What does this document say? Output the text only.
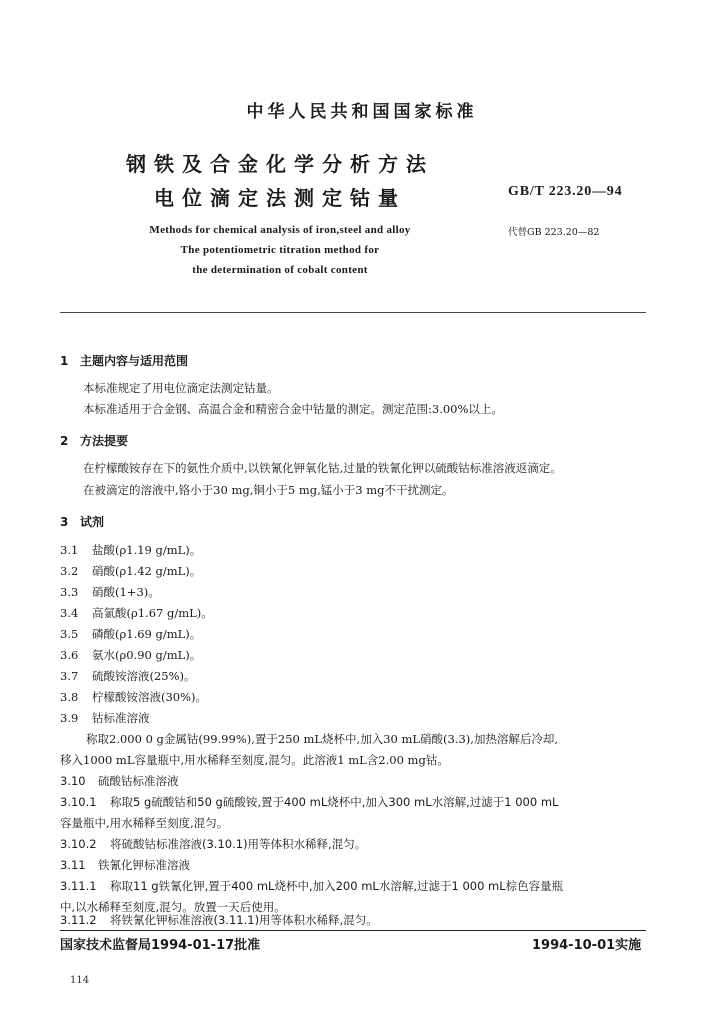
中华人民共和国国家标准
钢铁及合金化学分析方法
电位滴定法测定钴量	GB/T 223.20—94
代替GB 223.20—82
Methods for chemical analysis of iron,steel and alloy
The potentiometric titration method for
the determination of cobalt content
1 主题内容与适用范围
本标准规定了用电位滴定法测定钴量。
本标准适用于合金钢、高温合金和精密合金中钴量的测定。测定范围:3.00%以上。
2 方法提要
在柠檬酸铵存在下的氨性介质中,以铁氰化钾氧化钴,过量的铁氰化钾以硫酸钴标准溶液返滴定。
在被滴定的溶液中,铬小于30 mg,铜小于5 mg,锰小于3 mg不干扰测定。
3 试剂
3.1 盐酸(ρ1.19 g/mL)。
3.2 硝酸(ρ1.42 g/mL)。
3.3 硝酸(1+3)。
3.4 高氯酸(ρ1.67 g/mL)。
3.5 磷酸(ρ1.69 g/mL)。
3.6 氨水(ρ0.90 g/mL)。
3.7 硫酸铵溶液(25%)。
3.8 柠檬酸铵溶液(30%)。
3.9 钴标准溶液
称取2.000 0 g金属钴(99.99%),置于250 mL烧杯中,加入30 mL硝酸(3.3),加热溶解后冷却,
移入1000 mL容量瓶中,用水稀释至刻度,混匀。此溶液1 mL含2.00 mg钴。
3.10 硫酸钴标准溶液
3.10.1 称取5 g硫酸钴和50 g硫酸铵,置于400 mL烧杯中,加入300 mL水溶解,过滤于1 000 mL
容量瓶中,用水稀释至刻度,混匀。
3.10.2 将硫酸钴标准溶液(3.10.1)用等体积水稀释,混匀。
3.11 铁氰化钾标准溶液
3.11.1 称取11 g铁氰化钾,置于400 mL烧杯中,加入200 mL水溶解,过滤于1 000 mL棕色容量瓶
中,以水稀释至刻度,混匀。放置一天后使用。
3.11.2 将铁氰化钾标准溶液(3.11.1)用等体积水稀释,混匀。
国家技术监督局1994-01-17批准	1994-10-01实施
114
